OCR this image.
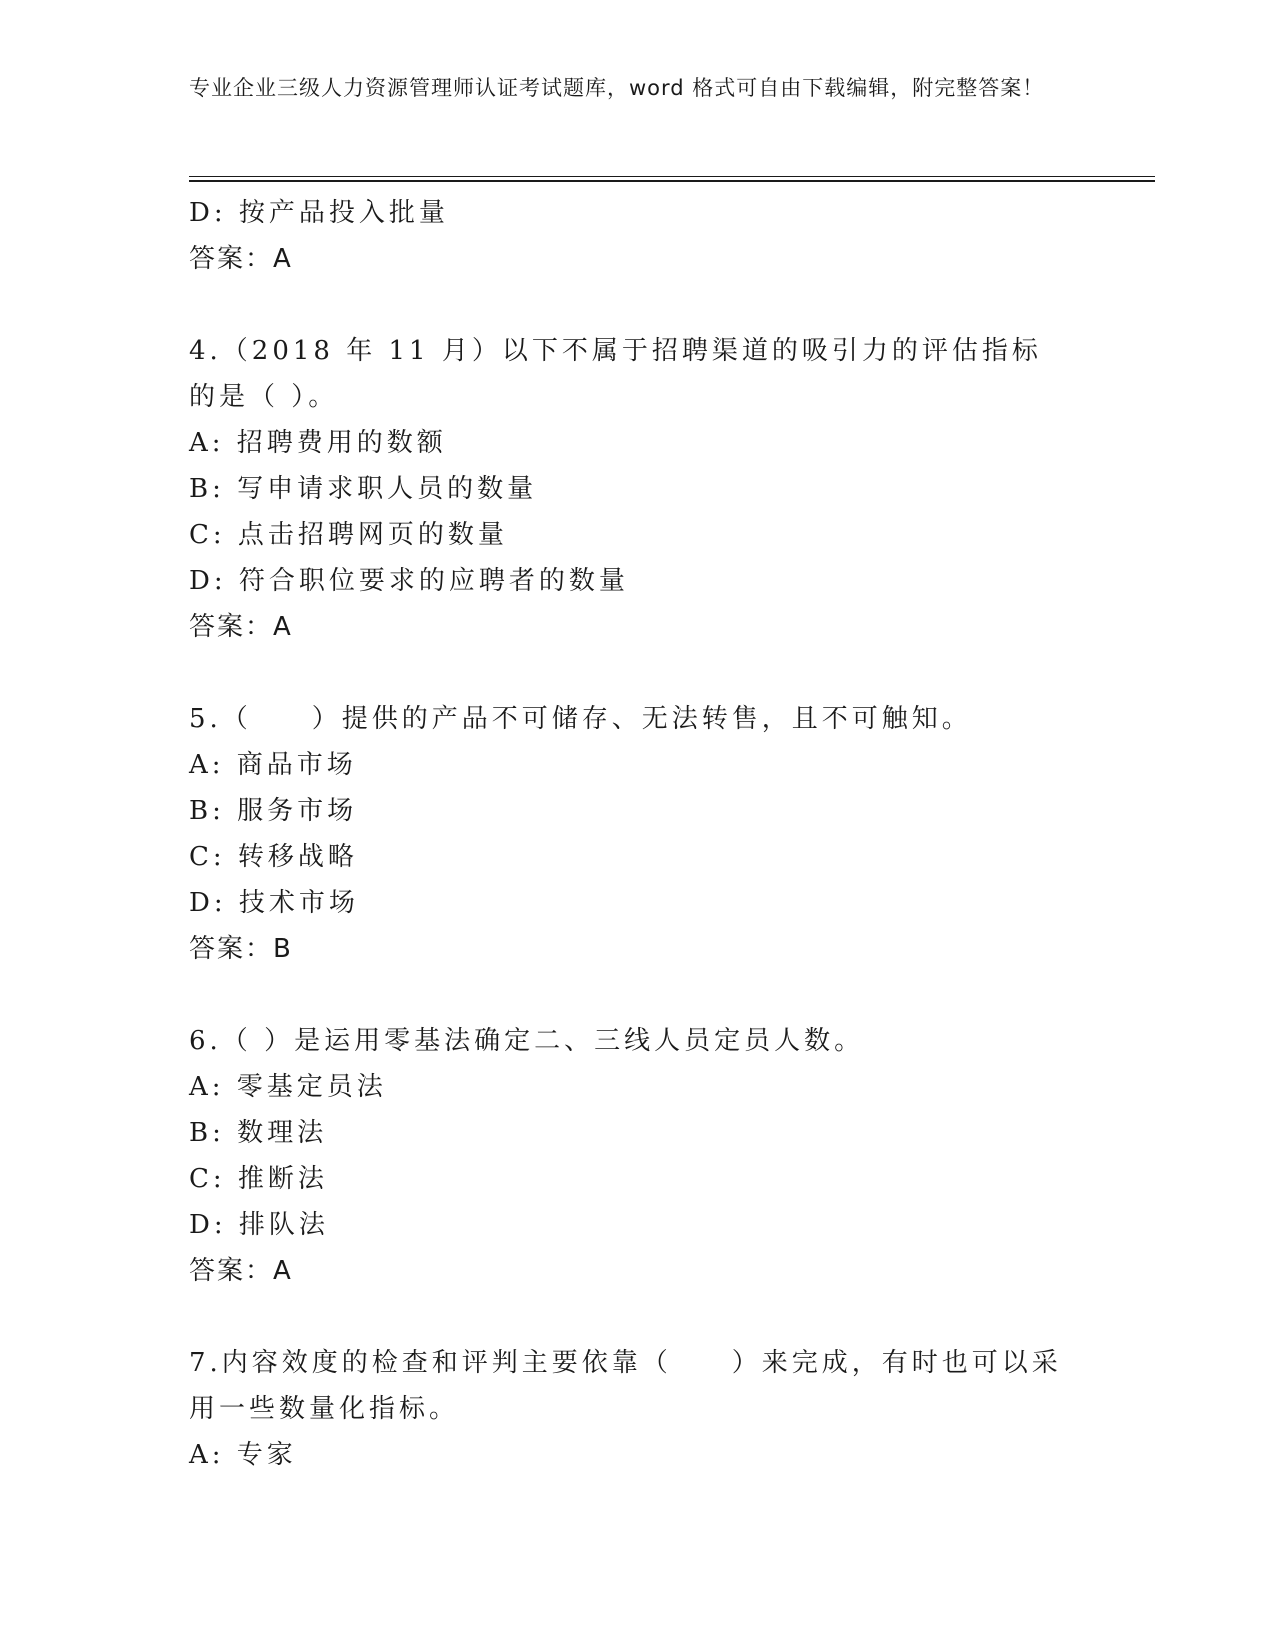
专业企业三级人力资源管理师认证考试题库，word 格式可自由下载编辑，附完整答案！
D: 按产品投入批量
答案：A
4.（2018 年 11 月）以下不属于招聘渠道的吸引力的评估指标的是（ ）。
A: 招聘费用的数额
B: 写申请求职人员的数量
C: 点击招聘网页的数量
D: 符合职位要求的应聘者的数量
答案：A
5.（　　）提供的产品不可储存、无法转售，且不可触知。
A: 商品市场
B: 服务市场
C: 转移战略
D: 技术市场
答案：B
6.（ ）是运用零基法确定二、三线人员定员人数。
A: 零基定员法
B: 数理法
C: 推断法
D: 排队法
答案：A
7.内容效度的检查和评判主要依靠（　　）来完成，有时也可以采用一些数量化指标。
A: 专家
